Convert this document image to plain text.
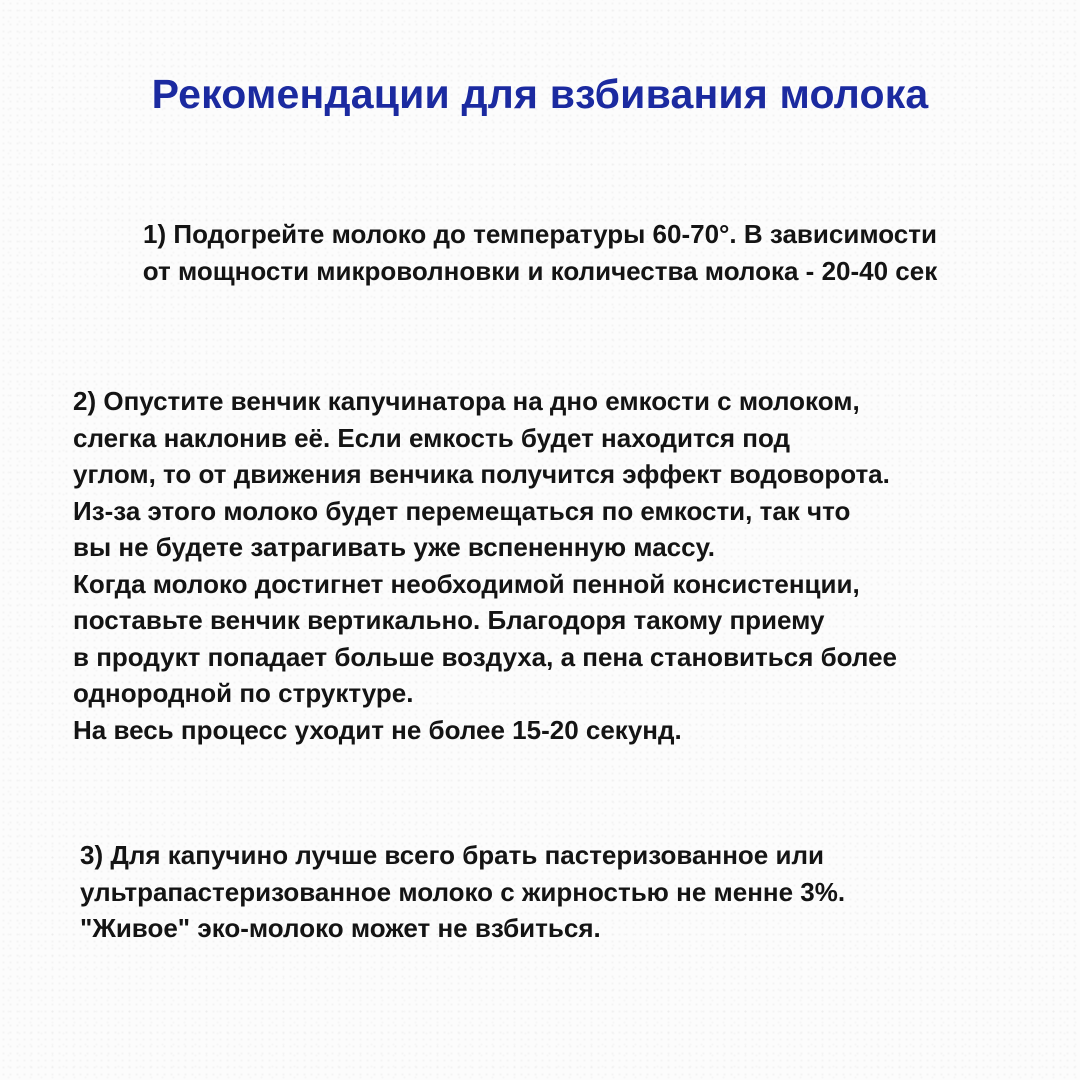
Рекомендации для взбивания молока

1) Подогрейте молоко до температуры 60-70°. В зависимости
от мощности микроволновки и количества молока - 20-40 сек

2) Опустите венчик капучинатора на дно емкости с молоком,
слегка наклонив её. Если емкость будет находится под
углом, то от движения венчика получится эффект водоворота.
Из-за этого молоко будет перемещаться по емкости, так что
вы не будете затрагивать уже вспененную массу.
Когда молоко достигнет необходимой пенной консистенции,
поставьте венчик вертикально. Благодоря такому приему
в продукт попадает больше воздуха, а пена становиться более
однородной по структуре.
На весь процесс уходит не более 15-20 секунд.

3) Для капучино лучше всего брать пастеризованное или
ультрапастеризованное молоко с жирностью не менне 3%.
"Живое" эко-молоко может не взбиться.
